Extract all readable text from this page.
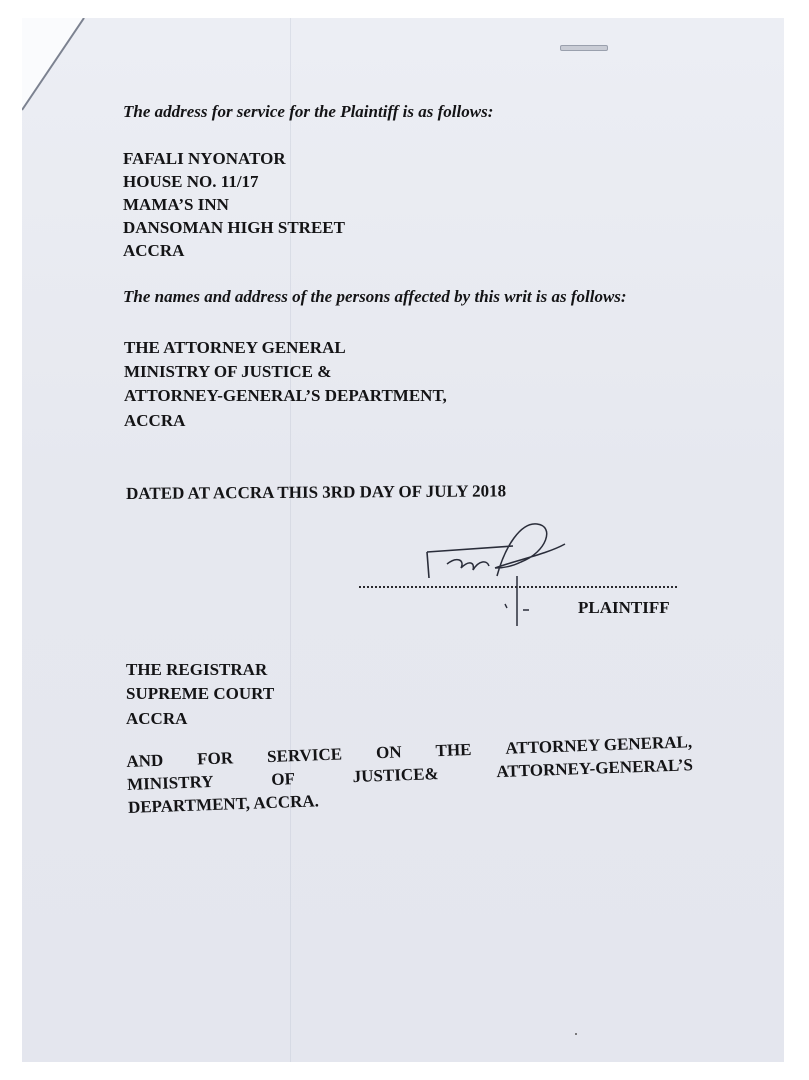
The address for service for the Plaintiff is as follows:
FAFALI NYONATOR
HOUSE NO. 11/17
MAMA’S INN
DANSOMAN HIGH STREET
ACCRA
The names and address of the persons affected by this writ is as follows:
THE ATTORNEY GENERAL
MINISTRY OF JUSTICE &
ATTORNEY-GENERAL’S DEPARTMENT,
ACCRA
DATED AT ACCRA THIS 3RD DAY OF JULY 2018
PLAINTIFF
THE REGISTRAR
SUPREME COURT
ACCRA
AND FOR SERVICE ON THE ATTORNEY GENERAL,
MINISTRY	OF	JUSTICE&	ATTORNEY-GENERAL’S
DEPARTMENT, ACCRA.
